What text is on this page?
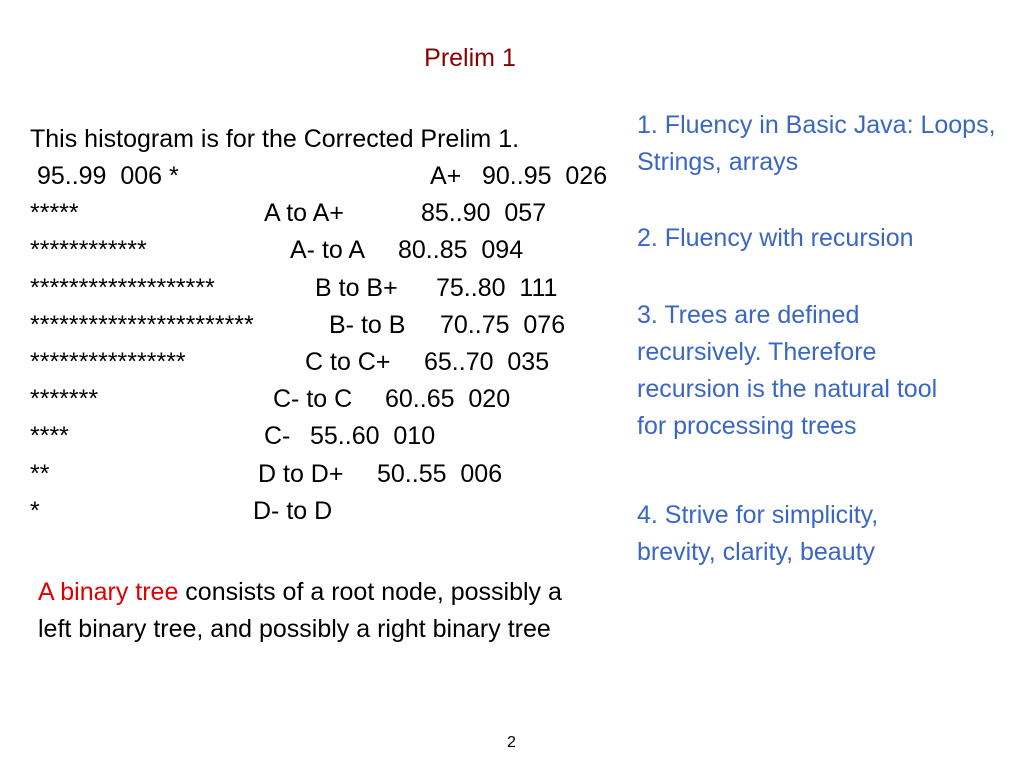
Prelim 1
This histogram is for the Corrected Prelim 1.
95..99  006 *	A+ 90..95  026
*****	A to A+	85..90  057
************	A- to A 80..85  094
*******************	B to B+ 75..80  111
***********************	B- to B 70..75  076
****************	C to C+ 65..70  035
*******	C- to C 60..65  020
****	C- 55..60  010
**	D to D+ 50..55  006
*	D- to D
1. Fluency in Basic Java: Loops, Strings, arrays
2. Fluency with recursion
3. Trees are defined recursively. Therefore recursion is the natural tool for processing trees
4. Strive for simplicity, brevity, clarity, beauty
A binary tree consists of a root node, possibly a left binary tree, and possibly a right binary tree
2
